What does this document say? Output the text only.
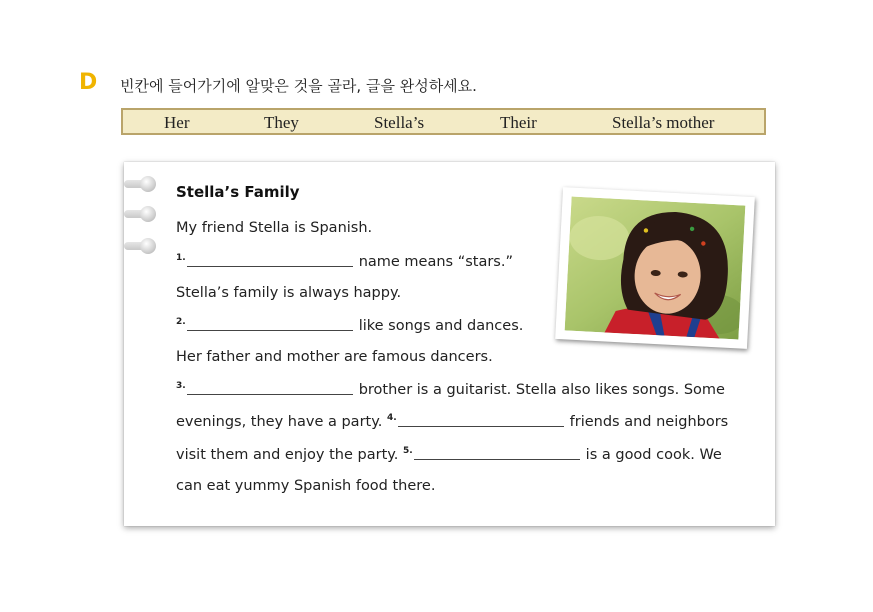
D 빈칸에 들어가기에 알맞은 것을 골라, 글을 완성하세요.
Her	They	Stella’s	Their	Stella’s mother
Stella’s Family
My friend Stella is Spanish.
$^{1.}$	name means “stars.”
Stella’s family is always happy.
$^{2.}$	like songs and dances.
Her father and mother are famous dancers.
$^{3.}$	brother is a guitarist. Stella also likes songs. Some
evenings, they have a party. $^{4.}$	friends and neighbors
visit them and enjoy the party. $^{5.}$	is a good cook. We
can eat yummy Spanish food there.
